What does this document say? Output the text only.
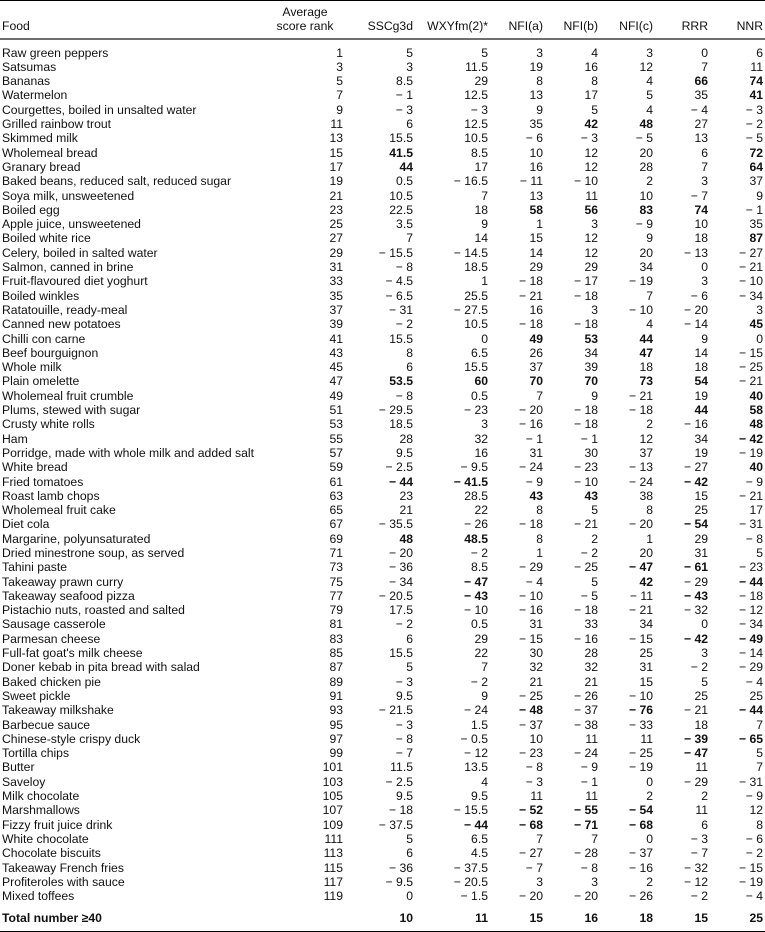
Food	Average
score rank	SSCg3d	WXYfm(2)*	NFI(a)	NFI(b)	NFI(c)	RRR	NNR
Raw green peppers	1	5	5	3	4	3	0	6
Satsumas	3	3	11.5	19	16	12	7	11
Bananas	5	8.5	29	8	8	4	66	74
Watermelon	7	− 1	12.5	13	17	5	35	41
Courgettes, boiled in unsalted water	9	− 3	− 3	9	5	4	− 4	− 3
Grilled rainbow trout	11	6	12.5	35	42	48	27	− 2
Skimmed milk	13	15.5	10.5	− 6	− 3	− 5	13	− 5
Wholemeal bread	15	41.5	8.5	10	12	20	6	72
Granary bread	17	44	17	16	12	28	7	64
Baked beans, reduced salt, reduced sugar	19	0.5	− 16.5	− 11	− 10	2	3	37
Soya milk, unsweetened	21	10.5	7	13	11	10	− 7	9
Boiled egg	23	22.5	18	58	56	83	74	− 1
Apple juice, unsweetened	25	3.5	9	1	3	− 9	10	35
Boiled white rice	27	7	14	15	12	9	18	87
Celery, boiled in salted water	29	− 15.5	− 14.5	14	12	20	− 13	− 27
Salmon, canned in brine	31	− 8	18.5	29	29	34	0	− 21
Fruit-flavoured diet yoghurt	33	− 4.5	1	− 18	− 17	− 19	3	− 10
Boiled winkles	35	− 6.5	25.5	− 21	− 18	7	− 6	− 34
Ratatouille, ready-meal	37	− 31	− 27.5	16	3	− 10	− 20	3
Canned new potatoes	39	− 2	10.5	− 18	− 18	4	− 14	45
Chilli con carne	41	15.5	0	49	53	44	9	0
Beef bourguignon	43	8	6.5	26	34	47	14	− 15
Whole milk	45	6	15.5	37	39	18	18	− 25
Plain omelette	47	53.5	60	70	70	73	54	− 21
Wholemeal fruit crumble	49	− 8	0.5	7	9	− 21	19	40
Plums, stewed with sugar	51	− 29.5	− 23	− 20	− 18	− 18	44	58
Crusty white rolls	53	18.5	3	− 16	− 18	2	− 16	48
Ham	55	28	32	− 1	− 1	12	34	− 42
Porridge, made with whole milk and added salt	57	9.5	16	31	30	37	19	− 19
White bread	59	− 2.5	− 9.5	− 24	− 23	− 13	− 27	40
Fried tomatoes	61	− 44	− 41.5	− 9	− 10	− 24	− 42	− 9
Roast lamb chops	63	23	28.5	43	43	38	15	− 21
Wholemeal fruit cake	65	21	22	8	5	8	25	17
Diet cola	67	− 35.5	− 26	− 18	− 21	− 20	− 54	− 31
Margarine, polyunsaturated	69	48	48.5	8	2	1	29	− 8
Dried minestrone soup, as served	71	− 20	− 2	1	− 2	20	31	5
Tahini paste	73	− 36	8.5	− 29	− 25	− 47	− 61	− 23
Takeaway prawn curry	75	− 34	− 47	− 4	5	42	− 29	− 44
Takeaway seafood pizza	77	− 20.5	− 43	− 10	− 5	− 11	− 43	− 18
Pistachio nuts, roasted and salted	79	17.5	− 10	− 16	− 18	− 21	− 32	− 12
Sausage casserole	81	− 2	0.5	31	33	34	0	− 34
Parmesan cheese	83	6	29	− 15	− 16	− 15	− 42	− 49
Full-fat goat's milk cheese	85	15.5	22	30	28	25	3	− 14
Doner kebab in pita bread with salad	87	5	7	32	32	31	− 2	− 29
Baked chicken pie	89	− 3	− 2	21	21	15	5	− 4
Sweet pickle	91	9.5	9	− 25	− 26	− 10	25	25
Takeaway milkshake	93	− 21.5	− 24	− 48	− 37	− 76	− 21	− 44
Barbecue sauce	95	− 3	1.5	− 37	− 38	− 33	18	7
Chinese-style crispy duck	97	− 8	− 0.5	10	11	11	− 39	− 65
Tortilla chips	99	− 7	− 12	− 23	− 24	− 25	− 47	5
Butter	101	11.5	13.5	− 8	− 9	− 19	11	7
Saveloy	103	− 2.5	4	− 3	− 1	0	− 29	− 31
Milk chocolate	105	9.5	9.5	11	11	2	2	− 9
Marshmallows	107	− 18	− 15.5	− 52	− 55	− 54	11	12
Fizzy fruit juice drink	109	− 37.5	− 44	− 68	− 71	− 68	6	8
White chocolate	111	5	6.5	7	7	0	− 3	− 6
Chocolate biscuits	113	6	4.5	− 27	− 28	− 37	− 7	− 2
Takeaway French fries	115	− 36	− 37.5	− 7	− 8	− 16	− 32	− 15
Profiteroles with sauce	117	− 9.5	− 20.5	3	3	2	− 12	− 19
Mixed toffees	119	0	− 1.5	− 20	− 20	− 26	− 2	− 4
Total number ≥40		10	11	15	16	18	15	25
